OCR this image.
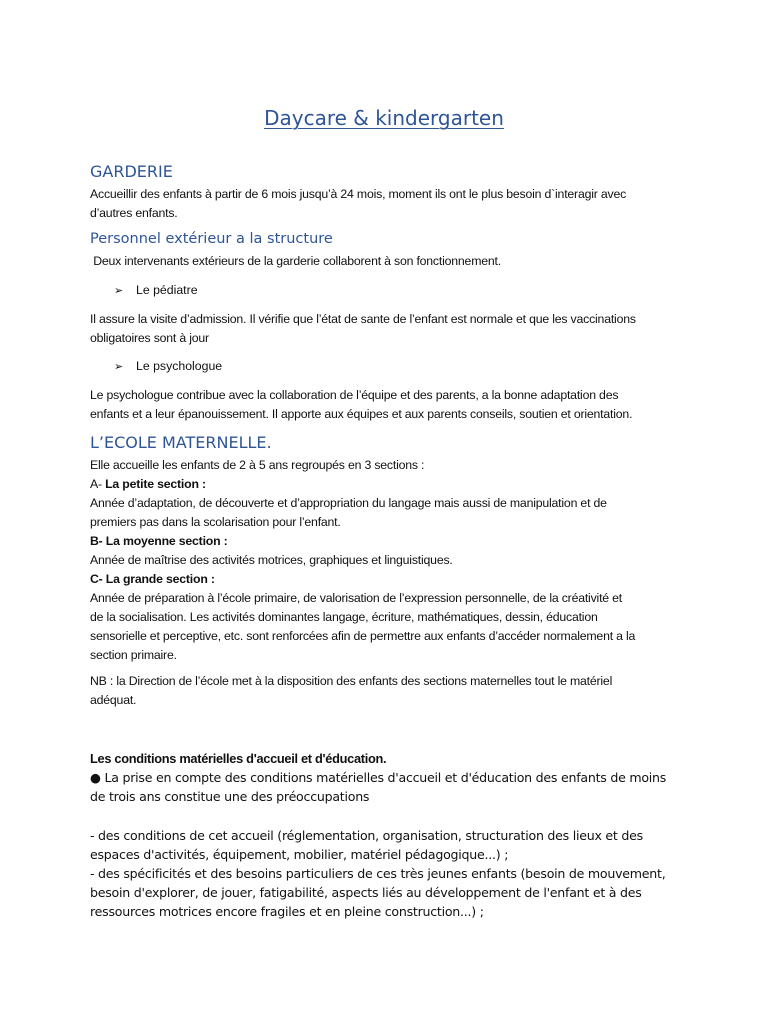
Daycare & kindergarten
GARDERIE
Accueillir des enfants à partir de 6 mois jusqu’à 24 mois, moment ils ont le plus besoin d`interagir avec
d’autres enfants.
Personnel extérieur a la structure
Deux intervenants extérieurs de la garderie collaborent à son fonctionnement.
➢ Le pédiatre
Il assure la visite d’admission. Il vérifie que l’état de sante de l’enfant est normale et que les vaccinations
obligatoires sont à jour
➢ Le psychologue
Le psychologue contribue avec la collaboration de l’équipe et des parents, a la bonne adaptation des
enfants et a leur épanouissement. Il apporte aux équipes et aux parents conseils, soutien et orientation.
L’ECOLE MATERNELLE.
Elle accueille les enfants de 2 à 5 ans regroupés en 3 sections :
A- La petite section :
Année d’adaptation, de découverte et d’appropriation du langage mais aussi de manipulation et de
premiers pas dans la scolarisation pour l’enfant.
B- La moyenne section :
Année de maîtrise des activités motrices, graphiques et linguistiques.
C- La grande section :
Année de préparation à l’école primaire, de valorisation de l’expression personnelle, de la créativité et
de la socialisation. Les activités dominantes langage, écriture, mathématiques, dessin, éducation
sensorielle et perceptive, etc. sont renforcées afin de permettre aux enfants d’accéder normalement a la
section primaire.
NB : la Direction de l’école met à la disposition des enfants des sections maternelles tout le matériel
adéquat.
Les conditions matérielles d'accueil et d'éducation.
● La prise en compte des conditions matérielles d'accueil et d'éducation des enfants de moins
de trois ans constitue une des préoccupations
- des conditions de cet accueil (réglementation, organisation, structuration des lieux et des
espaces d'activités, équipement, mobilier, matériel pédagogique...) ;
- des spécificités et des besoins particuliers de ces très jeunes enfants (besoin de mouvement,
besoin d'explorer, de jouer, fatigabilité, aspects liés au développement de l'enfant et à des
ressources motrices encore fragiles et en pleine construction...) ;
